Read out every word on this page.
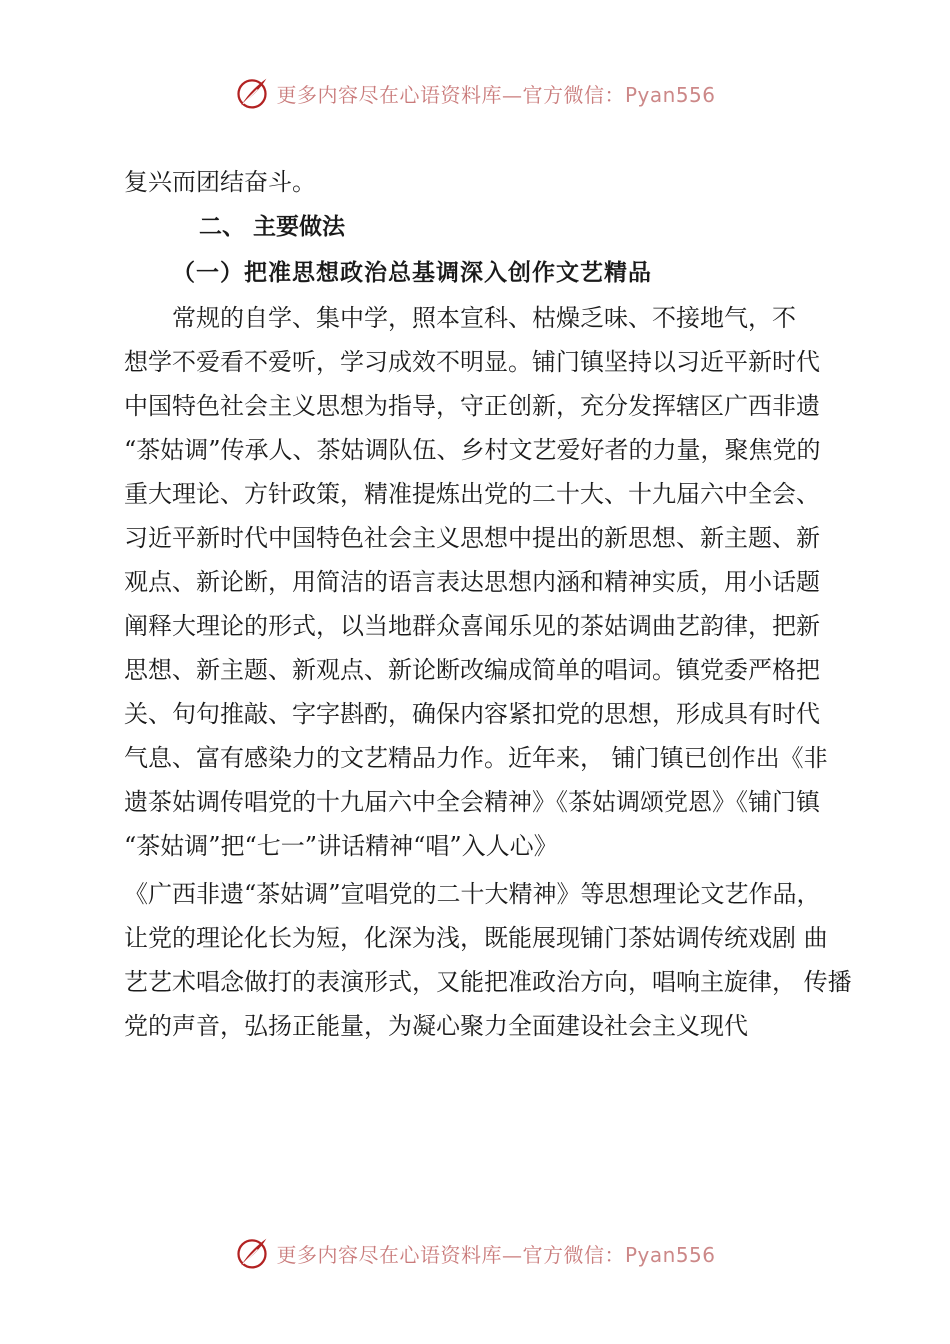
更多内容尽在心语资料库—官方微信：Pyan556
复兴而团结奋斗。
二、 主要做法
（一）把准思想政治总基调深入创作文艺精品
常规的自学、集中学，照本宣科、枯燥乏味、不接地气，不
想学不爱看不爱听，学习成效不明显。铺门镇坚持以习近平新时代
中国特色社会主义思想为指导，守正创新，充分发挥辖区广西非遗
“茶姑调”传承人、茶姑调队伍、乡村文艺爱好者的力量，聚焦党的
重大理论、方针政策，精准提炼出党的二十大、十九届六中全会、
习近平新时代中国特色社会主义思想中提出的新思想、新主题、新
观点、新论断，用简洁的语言表达思想内涵和精神实质，用小话题
阐释大理论的形式，以当地群众喜闻乐见的茶姑调曲艺韵律，把新
思想、新主题、新观点、新论断改编成简单的唱词。镇党委严格把
关、句句推敲、字字斟酌，确保内容紧扣党的思想，形成具有时代
气息、富有感染力的文艺精品力作。近年来， 铺门镇已创作出《非
遗茶姑调传唱党的十九届六中全会精神》《茶姑调颂党恩》《铺门镇
“茶姑调”把“七一”讲话精神“唱”入人心》
《广西非遗“茶姑调”宣唱党的二十大精神》等思想理论文艺作品，
让党的理论化长为短，化深为浅，既能展现铺门茶姑调传统戏剧 曲
艺艺术唱念做打的表演形式，又能把准政治方向，唱响主旋律， 传播
党的声音，弘扬正能量，为凝心聚力全面建设社会主义现代
更多内容尽在心语资料库—官方微信：Pyan556
